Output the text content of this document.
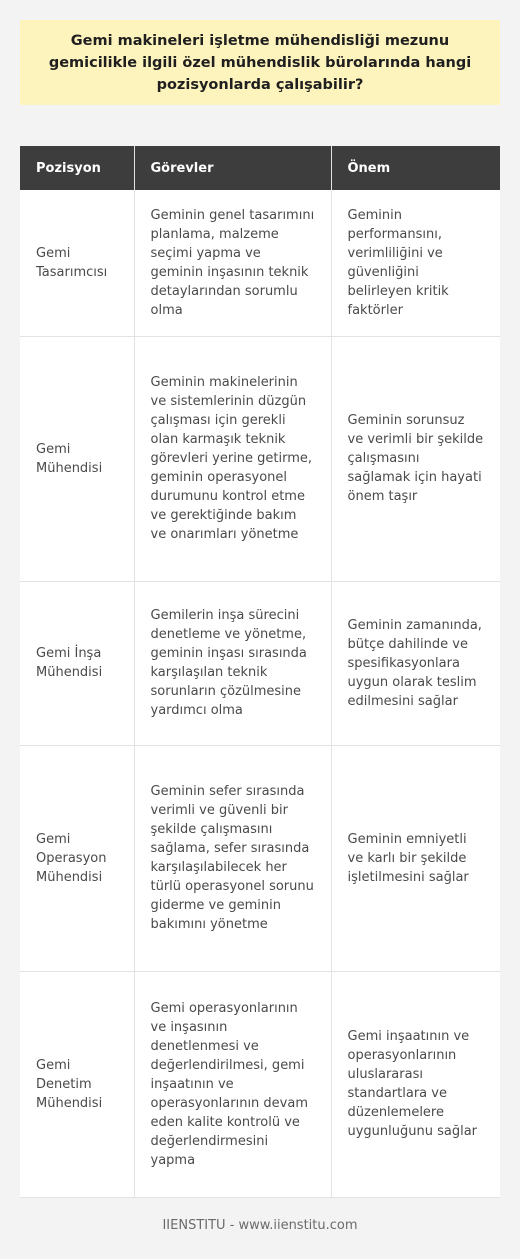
Gemi makineleri işletme mühendisliği mezunu gemicilikle ilgili özel mühendislik bürolarında hangi pozisyonlarda çalışabilir?
Pozisyon	Görevler	Önem
Gemi Tasarımcısı	Geminin genel tasarımını planlama, malzeme seçimi yapma ve geminin inşasının teknik detaylarından sorumlu olma	Geminin performansını, verimliliğini ve güvenliğini belirleyen kritik faktörler
Gemi Mühendisi	Geminin makinelerinin ve sistemlerinin düzgün çalışması için gerekli olan karmaşık teknik görevleri yerine getirme, geminin operasyonel durumunu kontrol etme ve gerektiğinde bakım ve onarımları yönetme	Geminin sorunsuz ve verimli bir şekilde çalışmasını sağlamak için hayati önem taşır
Gemi İnşa Mühendisi	Gemilerin inşa sürecini denetleme ve yönetme, geminin inşası sırasında karşılaşılan teknik sorunların çözülmesine yardımcı olma	Geminin zamanında, bütçe dahilinde ve spesifikasyonlara uygun olarak teslim edilmesini sağlar
Gemi Operasyon Mühendisi	Geminin sefer sırasında verimli ve güvenli bir şekilde çalışmasını sağlama, sefer sırasında karşılaşılabilecek her türlü operasyonel sorunu giderme ve geminin bakımını yönetme	Geminin emniyetli ve karlı bir şekilde işletilmesini sağlar
Gemi Denetim Mühendisi	Gemi operasyonlarının ve inşasının denetlenmesi ve değerlendirilmesi, gemi inşaatının ve operasyonlarının devam eden kalite kontrolü ve değerlendirmesini yapma	Gemi inşaatının ve operasyonlarının uluslararası standartlara ve düzenlemelere uygunluğunu sağlar
IIENSTITU - www.iienstitu.com
